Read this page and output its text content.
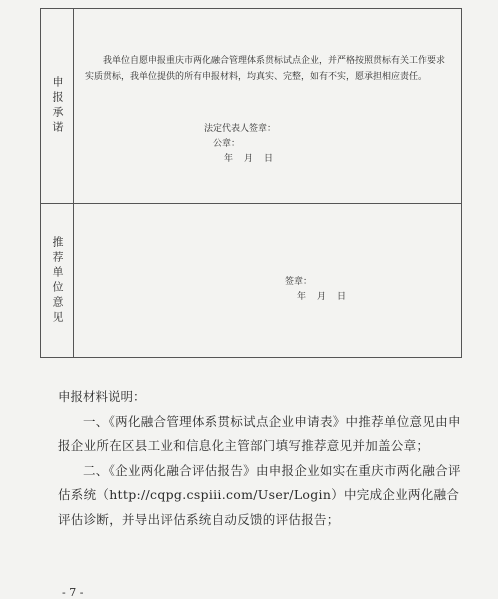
申报承诺

我单位自愿申报重庆市两化融合管理体系贯标试点企业，并严格按照贯标有关工作要求实质贯标，我单位提供的所有申报材料，均真实、完整，如有不实，愿承担相应责任。

推荐单位意见

法定代表人签章：

公章：

年　月　日

签章：

年　月　日

申报材料说明：

一、《两化融合管理体系贯标试点企业申请表》中推荐单位意见由申报企业所在区县工业和信息化主管部门填写推荐意见并加盖公章；

二、《企业两化融合评估报告》由申报企业如实在重庆市两化融合评估系统（http://cqpg.cspiii.com/User/Login）中完成企业两化融合评估诊断，并导出评估系统自动反馈的评估报告；

- 7 -
